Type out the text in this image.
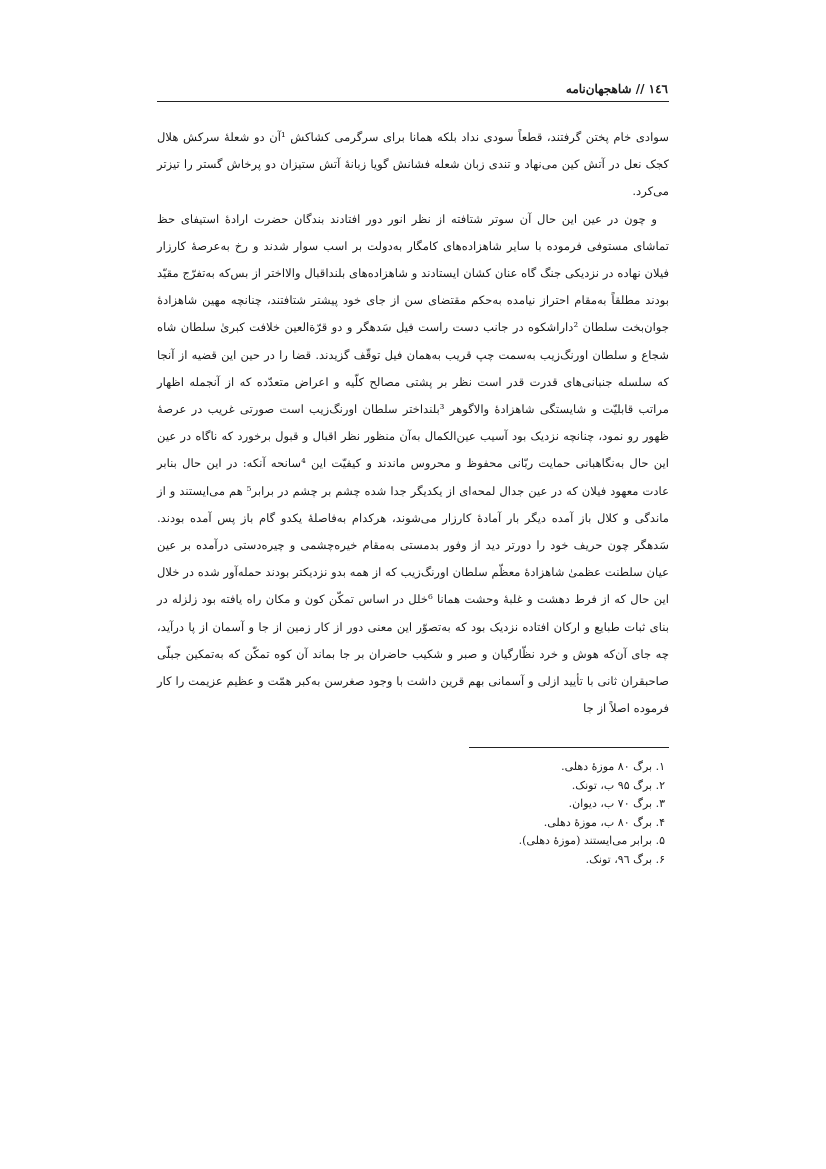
۱٤٦ // شاهجهان‌نامه

سوادی خام پختن گرفتند، قطعاً سودی نداد بلکه همانا برای سرگرمی کشاکش ¹آن دو شعلهٔ سرکش هلال کجک نعل در آتش کین می‌نهاد و تندی زبان شعله فشانش گویا زبانهٔ آتش ستیزان دو پرخاش گستر را تیزتر می‌کرد.

و چون در عین این حال آن سوتر شتافته از نظر انور دور افتادند بندگان حضرت ارادهٔ استیفای حظ تماشای مستوفی فرموده با سایر شاهزاده‌های کامگار به‌دولت بر اسب سوار شدند و رخ به‌عرصهٔ کارزار فیلان نهاده در نزدیکی جنگ گاه عنان کشان ایستادند و شاهزاده‌های بلنداقبال والااختر از بس‌که به‌تفرّج مقیّد بودند مطلقاً به‌مقام احتراز نیامده به‌حکم مقتضای سن از جای خود پیشتر شتافتند، چنانچه مهین شاهزادهٔ جوان‌بخت سلطان ²داراشکوه در جانب دست راست فیل سَدهگر و دو قرّةالعین خلافت کبریٰ سلطان شاه شجاع و سلطان اورنگ‌زیب به‌سمت چپ قریب به‌همان فیل توقّف گزیدند. قضا را در حین این قضیه از آنجا که سلسله جنبانی‌های قدرت قدر است نظر بر پشتی مصالح کلّیه و اعراض متعدّده که از آنجمله اظهار مراتب قابلیّت و شایستگی شاهزادهٔ والاگوهر ³بلنداختر سلطان اورنگ‌زیب است صورتی غریب در عرصهٔ ظهور رو نمود، چنانچه نزدیک بود آسیب عین‌الکمال به‌آن منظور نظر اقبال و قبول برخورد که ناگاه در عین این حال به‌نگاهبانی حمایت ربّانی محفوظ و محروس ماندند و کیفیّت این ⁴سانحه آنکه: در این حال بنابر عادت معهود فیلان که در عین جدال لمحه‌ای از یکدیگر جدا شده چشم بر چشم در برابر⁵ هم می‌ایستند و از ماندگی و کلال باز آمده دیگر بار آمادهٔ کارزار می‌شوند، هرکدام به‌فاصلهٔ یکدو گام باز پس آمده بودند. سَدهگر چون حریف خود را دورتر دید از وفور بدمستی به‌مقام خیره‌چشمی و چیره‌دستی درآمده بر عین عیان سلطنت عظمیٰ شاهزادهٔ معظّم سلطان اورنگ‌زیب که از همه بدو نزدیکتر بودند حمله‌آور شده در خلال این حال که از فرط دهشت و غلبهٔ وحشت همانا ⁶خلل در اساس تمکّن کون و مکان راه یافته بود زلزله در بنای ثبات طبایع و ارکان افتاده نزدیک بود که به‌تصوّر این معنی دور از کار زمین از جا و آسمان از پا درآید، چه جای آن‌که هوش و خرد نظّارگیان و صبر و شکیب حاضران بر جا بماند آن کوه تمکّن که به‌تمکین جبلّی صاحبقران ثانی با تأیید ازلی و آسمانی بهم قرین داشت با وجود صغرسن به‌کبر همّت و عظیم عزیمت را کار فرموده اصلاً از جا

۱. برگ ۸۰ موزهٔ دهلی.

۲. برگ ۹۵ ب، تونک.

۳. برگ ۷۰ ب، دیوان.

۴. برگ ۸۰ ب، موزهٔ دهلی.

۵. برابر می‌ایستند (موزهٔ دهلی).

۶. برگ ۹٦، تونک.
